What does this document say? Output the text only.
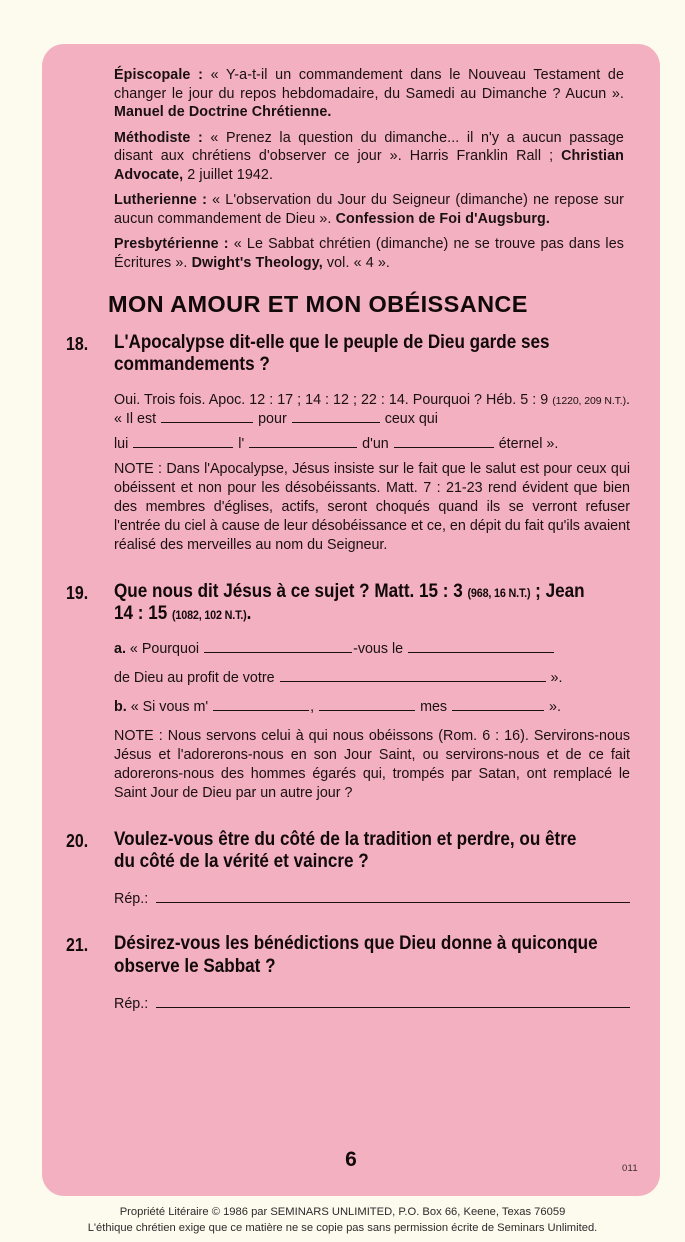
Épiscopale : « Y-a-t-il un commandement dans le Nouveau Testament de changer le jour du repos hebdomadaire, du Samedi au Dimanche ? Aucun ». Manuel de Doctrine Chrétienne.

Méthodiste : « Prenez la question du dimanche... il n'y a aucun passage disant aux chrétiens d'observer ce jour ». Harris Franklin Rall ; Christian Advocate, 2 juillet 1942.

Lutherienne : « L'observation du Jour du Seigneur (dimanche) ne repose sur aucun commandement de Dieu ». Confession de Foi d'Augsburg.

Presbytérienne : « Le Sabbat chrétien (dimanche) ne se trouve pas dans les Écritures ». Dwight's Theology, vol. « 4 ».

MON AMOUR ET MON OBÉISSANCE
18.	L'Apocalypse dit-elle que le peuple de Dieu garde ses commandements ?

Oui. Trois fois. Apoc. 12 : 17 ; 14 : 12 ; 22 : 14. Pourquoi ? Héb. 5 : 9 (1220, 209 N.T.). « Il est	pour	ceux qui

lui	l'	d'un	éternel ».

NOTE : Dans l'Apocalypse, Jésus insiste sur le fait que le salut est pour ceux qui obéissent et non pour les désobéissants. Matt. 7 : 21-23 rend évident que bien des membres d'églises, actifs, seront choqués quand ils se verront refuser l'entrée du ciel à cause de leur désobéissance et ce, en dépit du fait qu'ils avaient réalisé des merveilles au nom du Seigneur.

19.	Que nous dit Jésus à ce sujet ? Matt. 15 : 3 (968, 16 N.T.) ; Jean 14 : 15 (1082, 102 N.T.).

a. « Pourquoi	-vous le

de Dieu au profit de votre	».

b. « Si vous m'	,	mes	».

NOTE : Nous servons celui à qui nous obéissons (Rom. 6 : 16). Servirons-nous Jésus et l'adorerons-nous en son Jour Saint, ou servirons-nous et de ce fait adorerons-nous des hommes égarés qui, trompés par Satan, ont remplacé le Saint Jour de Dieu par un autre jour ?

20.	Voulez-vous être du côté de la tradition et perdre, ou être du côté de la vérité et vaincre ?
Rép.:
21.	Désirez-vous les bénédictions que Dieu donne à quiconque observe le Sabbat ?
Rép.:
6	011
Propriété Litéraire © 1986 par SEMINARS UNLIMITED, P.O. Box 66, Keene, Texas 76059
L'éthique chrétien exige que ce matière ne se copie pas sans permission écrite de Seminars Unlimited.
